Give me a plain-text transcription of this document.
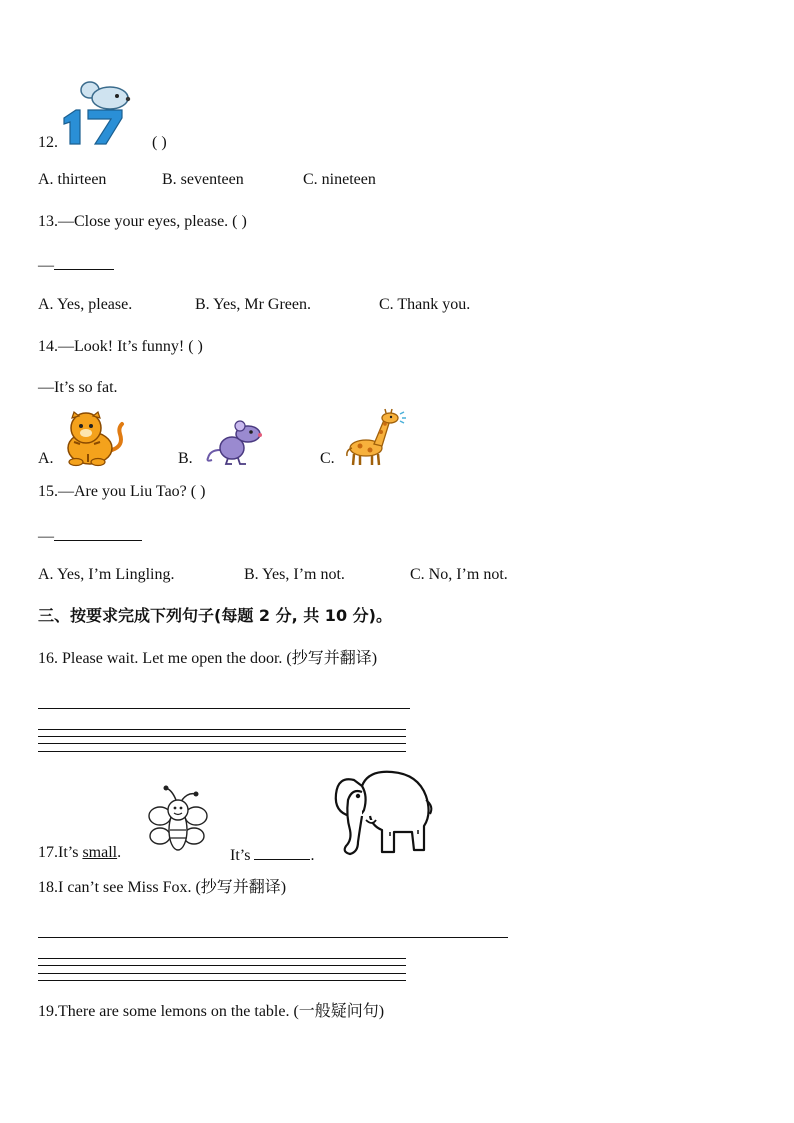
12.	( )
A. thirteen	B. seventeen	C. nineteen
13.—Close your eyes, please. ( )
—
A. Yes, please.	B. Yes, Mr Green.	C. Thank you.
14.—Look! It’s funny! ( )
—It’s so fat.
A.	B.	C.
15.—Are you Liu Tao? ( )
—
A. Yes, I’m Lingling.	B. Yes, I’m not.	C. No, I’m not.
三、按要求完成下列句子(每题 2 分, 共 10 分)。
16. Please wait. Let me open the door. (抄写并翻译)
17.It’s small.	It’s	.
18.I can’t see Miss Fox. (抄写并翻译)
19.There are some lemons on the table. (一般疑问句)
